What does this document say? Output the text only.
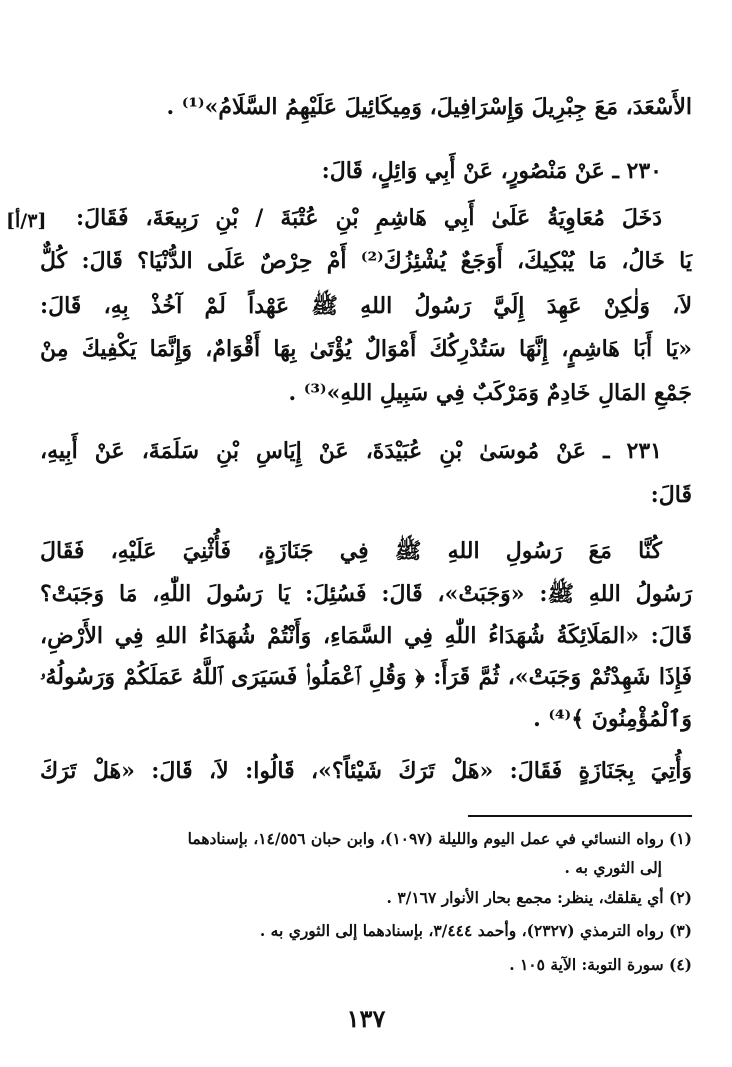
الأَسْعَدَ، مَعَ جِبْرِيلَ وَإِسْرَافِيلَ، وَمِيكَائِيلَ عَلَيْهِمُ السَّلَامُ»⁽¹⁾ .
٢٣٠ ـ عَنْ مَنْصُورٍ، عَنْ أَبِي وَائِلٍ، قَالَ:
دَخَلَ مُعَاوِيَةُ عَلَىٰ أَبِي هَاشِمِ بْنِ عُتْبَةَ / بْنِ رَبِيعَةَ، فَقَالَ:
[٣/أ]
يَا خَالُ، مَا يُبْكِيكَ، أَوَجَعٌ يُشْئِزُكَ⁽²⁾ أَمْ حِرْصٌ عَلَى الدُّنْيَا؟ قَالَ: كُلٌّ
لاَ، وَلٰكِنْ عَهِدَ إِلَيَّ رَسُولُ اللهِ ﷺ عَهْداً لَمْ آخُذْ بِهِ، قَالَ:
«يَا أَبَا هَاشِمٍ، إِنَّهَا سَتُدْرِكُكَ أَمْوَالٌ يُؤْتَىٰ بِهَا أَقْوَامٌ، وَإِنَّمَا يَكْفِيكَ مِنْ
جَمْعِ المَالِ خَادِمٌ وَمَرْكَبٌ فِي سَبِيلِ اللهِ»⁽³⁾ .
٢٣١ ـ عَنْ مُوسَىٰ بْنِ عُبَيْدَةَ، عَنْ إِيَاسِ بْنِ سَلَمَةَ، عَنْ أَبِيهِ،
قَالَ:
كُنَّا مَعَ رَسُولِ اللهِ ﷺ فِي جَنَازَةٍ، فَأُثْنِيَ عَلَيْهِ، فَقَالَ
رَسُولُ اللهِ ﷺ: «وَجَبَتْ»، قَالَ: فَسُئِلَ: يَا رَسُولَ اللّٰهِ، مَا وَجَبَتْ؟
قَالَ: «المَلَائِكَةُ شُهَدَاءُ اللّٰهِ فِي السَّمَاءِ، وَأَنْتُمْ شُهَدَاءُ اللهِ فِي الأَرْضِ،
فَإِذَا شَهِدْتُمْ وَجَبَتْ»، ثُمَّ قَرَأَ: ﴿ وَقُلِ ٱعْمَلُوا۟ فَسَيَرَى ٱللَّهُ عَمَلَكُمْ وَرَسُولُهُۥ
وَٱلْمُؤْمِنُونَ ﴾⁽⁴⁾ .
وَأُتِيَ بِجَنَازَةٍ فَقَالَ: «هَلْ تَرَكَ شَيْئاً؟»، قَالُوا: لاَ، قَالَ: «هَلْ تَرَكَ
(١) رواه النسائي في عمل اليوم والليلة (١٠٩٧)، وابن حبان ١٤/٥٥٦، بإسنادهما
إلى الثوري به .
(٢) أي يقلقك، ينظر: مجمع بحار الأنوار ٣/١٦٧ .
(٣) رواه الترمذي (٢٣٢٧)، وأحمد ٣/٤٤٤، بإسنادهما إلى الثوري به .
(٤) سورة التوبة: الآية ١٠٥ .
١٣٧
